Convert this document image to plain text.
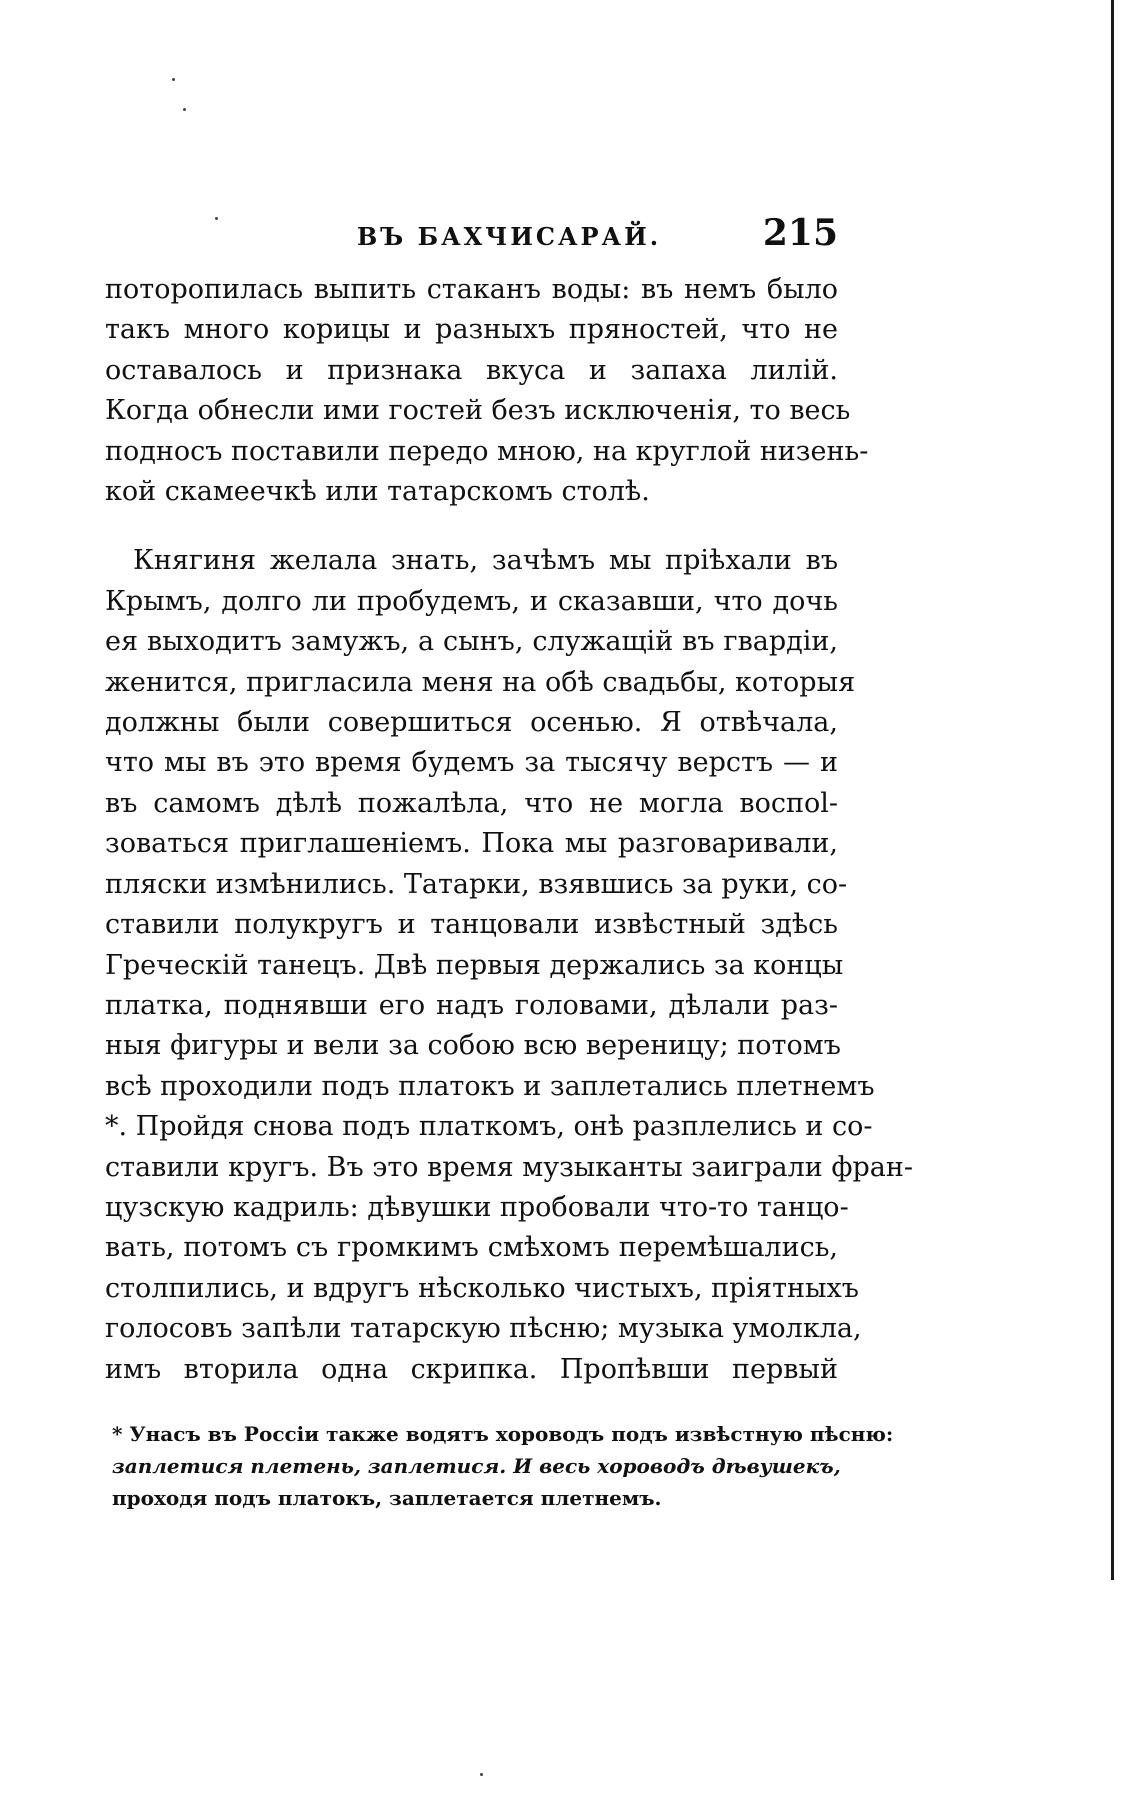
ВЪ БАХЧИСАРАЙ.	215
поторопилась выпить стаканъ воды: въ немъ было
такъ много корицы и разныхъ пряностей, что не
оставалось и признака вкуса и запаха лилій.
Когда обнесли ими гостей безъ исключенія, то весь
подносъ поставили передо мною, на круглой низень-
кой скамеечкѣ или татарскомъ столѣ.
Княгиня желала знать, зачѣмъ мы пріѣхали въ
Крымъ, долго ли пробудемъ, и сказавши, что дочь
ея выходитъ замужъ, а сынъ, служащій въ гвардіи,
женится, пригласила меня на обѣ свадьбы, которыя
должны были совершиться осенью. Я отвѣчала,
что мы въ это время будемъ за тысячу верстъ — и
въ самомъ дѣлѣ пожалѣла, что не могла воспol-
зоваться приглашеніемъ. Пока мы разговаривали,
пляски измѣнились. Татарки, взявшись за руки, со-
ставили полукругъ и танцовали извѣстный здѣсь
Греческій танецъ. Двѣ первыя держались за концы
платка, поднявши его надъ головами, дѣлали раз-
ныя фигуры и вели за собою всю вереницу; потомъ
всѣ проходили подъ платокъ и заплетались плетнемъ
*. Пройдя снова подъ платкомъ, онѣ разплелись и со-
ставили кругъ. Въ это время музыканты заиграли фран-
цузскую кадриль: дѣвушки пробовали что-то танцо-
вать, потомъ съ громкимъ смѣхомъ перемѣшались,
столпились, и вдругъ нѣсколько чистыхъ, пріятныхъ
голосовъ запѣли татарскую пѣсню; музыка умолкла,
имъ вторила одна скрипка. Пропѣвши первый
* Унасъ въ Россіи также водятъ хороводъ подъ извѣстную пѣсню:
заплетися плетень, заплетися. И весь хороводъ дѣвушекъ,
проходя подъ платокъ, заплетается плетнемъ.
